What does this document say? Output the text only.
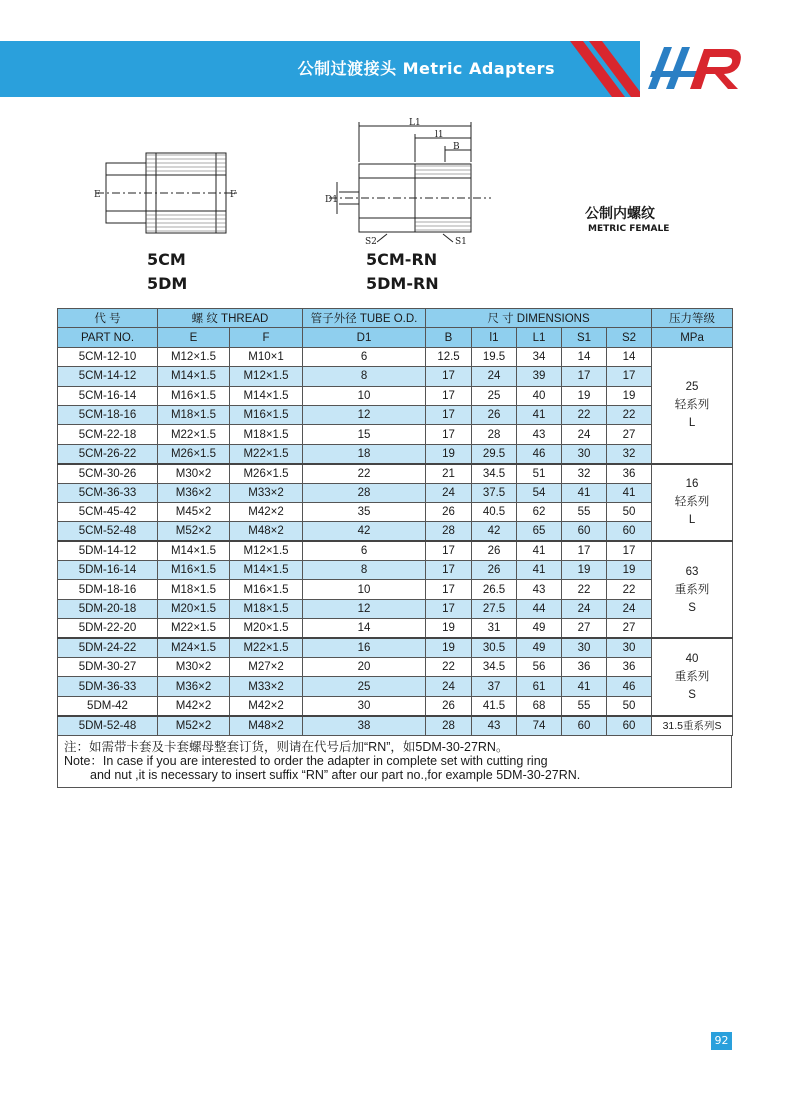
公制过渡接头 Metric Adapters
E	F
5CM
5DM
L1
l1
B
D1
S2	S1
5CM-RN
5DM-RN
公制内螺纹
METRIC FEMALE
代 号	螺 纹 THREAD		管子外径 TUBE O.D.	尺 寸 DIMENSIONS					压力等级
PART NO.	E	F	D1	B	l1	L1	S1	S2	MPa
5CM-12-10	M12×1.5	M10×1	6	12.5	19.5	34	14	14	25
轻系列
L

5CM-14-12	M14×1.5	M12×1.5	8	17	24	39	17	17	
5CM-16-14	M16×1.5	M14×1.5	10	17	25	40	19	19	
5CM-18-16	M18×1.5	M16×1.5	12	17	26	41	22	22	
5CM-22-18	M22×1.5	M18×1.5	15	17	28	43	24	27	
5CM-26-22	M26×1.5	M22×1.5	18	19	29.5	46	30	32	
5CM-30-26	M30×2	M26×1.5	22	21	34.5	51	32	36	16
轻系列
L

5CM-36-33	M36×2	M33×2	28	24	37.5	54	41	41	
5CM-45-42	M45×2	M42×2	35	26	40.5	62	55	50	
5CM-52-48	M52×2	M48×2	42	28	42	65	60	60	
5DM-14-12	M14×1.5	M12×1.5	6	17	26	41	17	17	63
重系列
S

5DM-16-14	M16×1.5	M14×1.5	8	17	26	41	19	19	
5DM-18-16	M18×1.5	M16×1.5	10	17	26.5	43	22	22	
5DM-20-18	M20×1.5	M18×1.5	12	17	27.5	44	24	24	
5DM-22-20	M22×1.5	M20×1.5	14	19	31	49	27	27	
5DM-24-22	M24×1.5	M22×1.5	16	19	30.5	49	30	30	40
重系列
S

5DM-30-27	M30×2	M27×2	20	22	34.5	56	36	36	
5DM-36-33	M36×2	M33×2	25	24	37	61	41	46	
5DM-42	M42×2	M42×2	30	26	41.5	68	55	50	
5DM-52-48	M52×2	M48×2	38	28	43	74	60	60	31.5重系列S
注：如需带卡套及卡套螺母整套订货，则请在代号后加“RN”，如5DM-30-27RN。
Note：In case if you are interested to order the adapter in complete set with cutting ring
and nut ,it is necessary to insert suffix “RN” after our part no.,for example 5DM-30-27RN.
92
